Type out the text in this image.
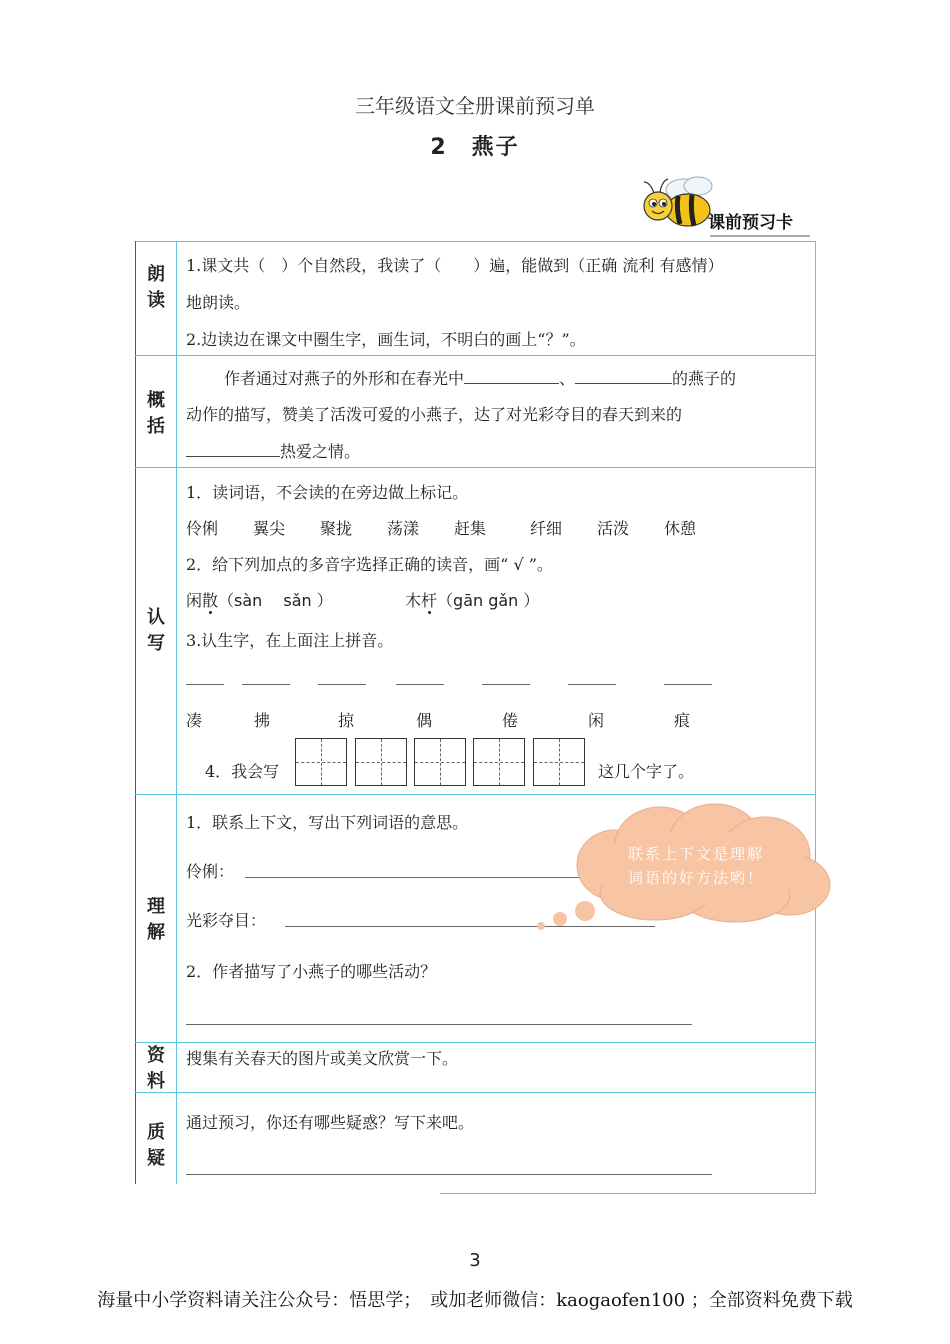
三年级语文全册课前预习单
2　燕子
课前预习卡
朗
读
1.课文共（　）个自然段，我读了（　　）遍，能做到（正确 流利 有感情）
地朗读。
2.边读边在课文中圈生字，画生词，不明白的画上“？”。
概
括
作者通过对燕子的外形和在春光中	、	的燕子的
动作的描写，赞美了活泼可爱的小燕子，达了对光彩夺目的春天到来的
热爱之情。
认
写
1．读词语，不会读的在旁边做上标记。
伶俐 翼尖 聚拢 荡漾 赶集	纤细 活泼 休憩
2．给下列加点的多音字选择正确的读音，画“ √ ”。
闲散（sàn　 sǎn ）	木杆（gān gǎn ）
3.认生字，在上面注上拼音。
凑	拂	掠	偶	倦	闲	痕
4．我会写	这几个字了。
理
解
1．联系上下文，写出下列词语的意思。
伶俐：
光彩夺目：
2．作者描写了小燕子的哪些活动？
联系上下文是理解
词语的好方法哟！
资
料
搜集有关春天的图片或美文欣赏一下。
质
疑
通过预习，你还有哪些疑惑？写下来吧。
3
海量中小学资料请关注公众号：悟思学；　或加老师微信：kaogaofen100 ；全部资料免费下载
